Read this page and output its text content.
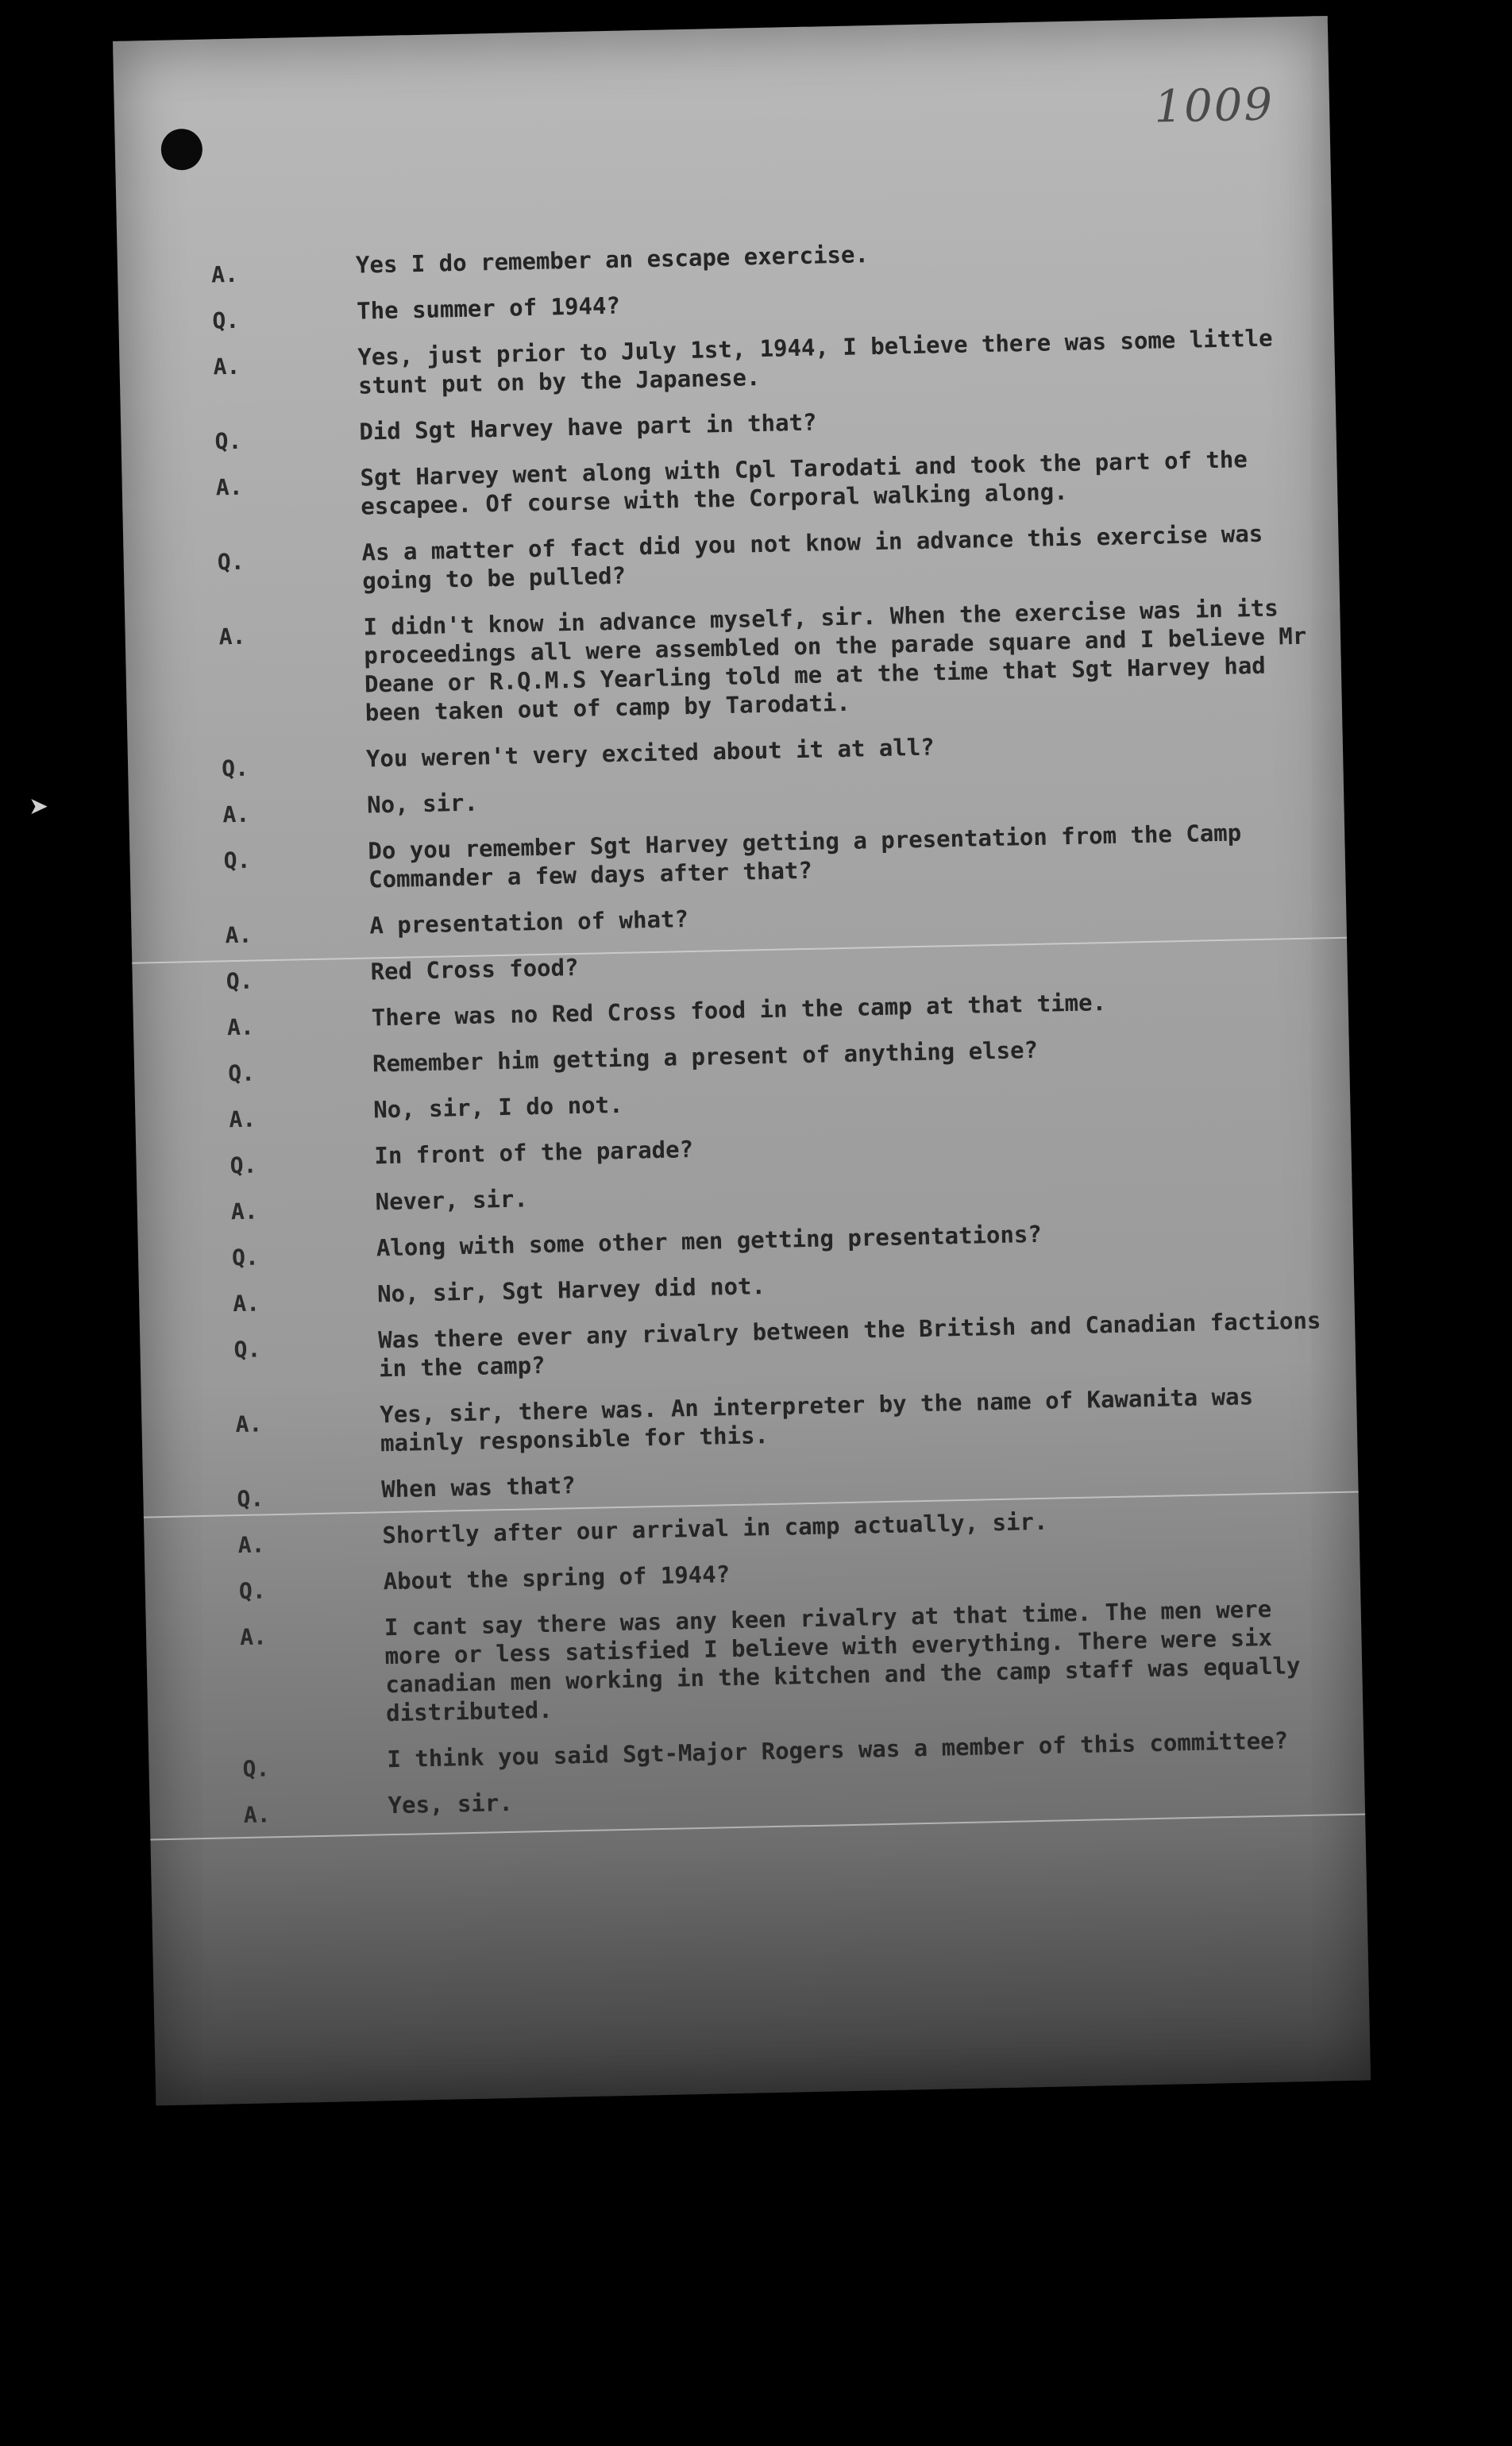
➤
1009
A.	Yes I do remember an escape exercise.
Q.	The summer of 1944?
A.	Yes, just prior to July 1st, 1944, I believe there was some little stunt put on by the Japanese.
Q.	Did Sgt Harvey have part in that?
A.	Sgt Harvey went along with Cpl Tarodati and took the part of the escapee. Of course with the Corporal walking along.
Q.	As a matter of fact did you not know in advance this exercise was going to be pulled?
A.	I didn't know in advance myself, sir. When the exercise was in its proceedings all were assembled on the parade square and I believe Mr Deane or R.Q.M.S Yearling told me at the time that Sgt Harvey had been taken out of camp by Tarodati.
Q.	You weren't very excited about it at all?
A.	No, sir.
Q.	Do you remember Sgt Harvey getting a presentation from the Camp Commander a few days after that?
A.	A presentation of what?
Q.	Red Cross food?
A.	There was no Red Cross food in the camp at that time.
Q.	Remember him getting a present of anything else?
A.	No, sir, I do not.
Q.	In front of the parade?
A.	Never, sir.
Q.	Along with some other men getting presentations?
A.	No, sir, Sgt Harvey did not.
Q.	Was there ever any rivalry between the British and Canadian factions in the camp?
A.	Yes, sir, there was. An interpreter by the name of Kawanita was mainly responsible for this.
Q.	When was that?
A.	Shortly after our arrival in camp actually, sir.
Q.	About the spring of 1944?
A.	I cant say there was any keen rivalry at that time. The men were more or less satisfied I believe with everything. There were six canadian men working in the kitchen and the camp staff was equally distributed.
Q.	I think you said Sgt-Major Rogers was a member of this committee?
A.	Yes, sir.
